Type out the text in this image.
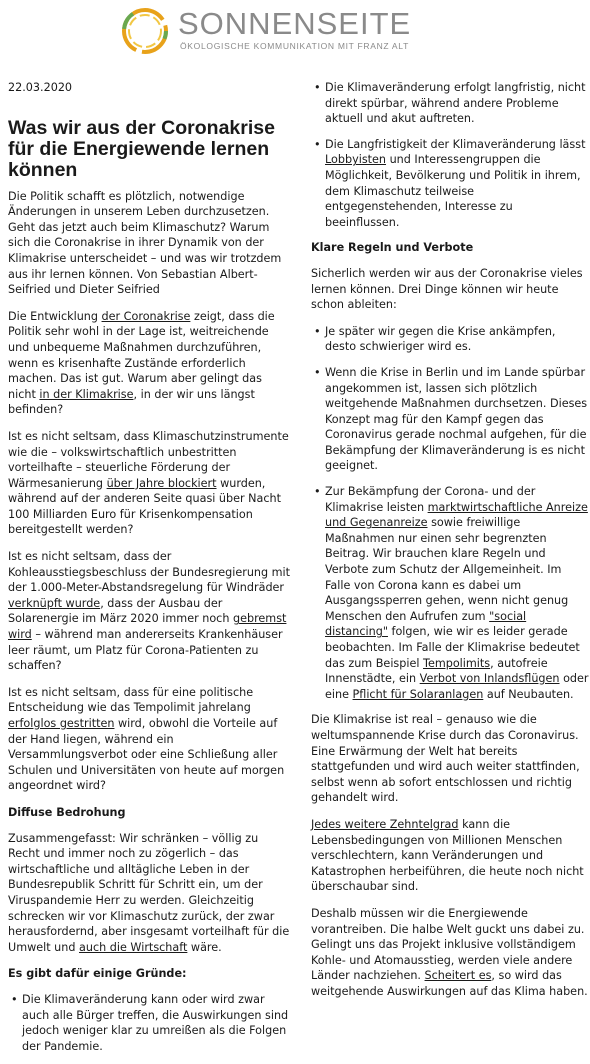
SONNENSEITE
ÖKOLOGISCHE KOMMUNIKATION MIT FRANZ ALT

22.03.2020

Was wir aus der Coronakrise für die Energiewende lernen können

Die Politik schafft es plötzlich, notwendige Änderungen in unserem Leben durchzusetzen. Geht das jetzt auch beim Klimaschutz? Warum sich die Coronakrise in ihrer Dynamik von der Klimakrise unterscheidet – und was wir trotzdem aus ihr lernen können. Von Sebastian Albert-Seifried und Dieter Seifried

Die Entwicklung der Coronakrise zeigt, dass die Politik sehr wohl in der Lage ist, weitreichende und unbequeme Maßnahmen durchzuführen, wenn es krisenhafte Zustände erforderlich machen. Das ist gut. Warum aber gelingt das nicht in der Klimakrise, in der wir uns längst befinden?

Ist es nicht seltsam, dass Klimaschutzinstrumente wie die – volkswirtschaftlich unbestritten vorteilhafte – steuerliche Förderung der Wärmesanierung über Jahre blockiert wurden, während auf der anderen Seite quasi über Nacht 100 Milliarden Euro für Krisenkompensation bereitgestellt werden?

Ist es nicht seltsam, dass der Kohleausstiegsbeschluss der Bundesregierung mit der 1.000-Meter-Abstandsregelung für Windräder verknüpft wurde, dass der Ausbau der Solarenergie im März 2020 immer noch gebremst wird – während man andererseits Krankenhäuser leer räumt, um Platz für Corona-Patienten zu schaffen?

Ist es nicht seltsam, dass für eine politische Entscheidung wie das Tempolimit jahrelang erfolglos gestritten wird, obwohl die Vorteile auf der Hand liegen, während ein Versammlungsverbot oder eine Schließung aller Schulen und Universitäten von heute auf morgen angeordnet wird?

Diffuse Bedrohung

Zusammengefasst: Wir schränken – völlig zu Recht und immer noch zu zögerlich – das wirtschaftliche und alltägliche Leben in der Bundesrepublik Schritt für Schritt ein, um der Viruspandemie Herr zu werden. Gleichzeitig schrecken wir vor Klimaschutz zurück, der zwar herausfordernd, aber insgesamt vorteilhaft für die Umwelt und auch die Wirtschaft wäre.

Es gibt dafür einige Gründe:
• Die Klimaveränderung kann oder wird zwar auch alle Bürger treffen, die Auswirkungen sind jedoch weniger klar zu umreißen als die Folgen der Pandemie.
• Die Klimaveränderung erfolgt langfristig, nicht direkt spürbar, während andere Probleme aktuell und akut auftreten.
• Die Langfristigkeit der Klimaveränderung lässt Lobbyisten und Interessengruppen die Möglichkeit, Bevölkerung und Politik in ihrem, dem Klimaschutz teilweise entgegenstehenden, Interesse zu beeinflussen.
Klare Regeln und Verbote

Sicherlich werden wir aus der Coronakrise vieles lernen können. Drei Dinge können wir heute schon ableiten:

• Je später wir gegen die Krise ankämpfen, desto schwieriger wird es.
• Wenn die Krise in Berlin und im Lande spürbar angekommen ist, lassen sich plötzlich weitgehende Maßnahmen durchsetzen. Dieses Konzept mag für den Kampf gegen das Coronavirus gerade nochmal aufgehen, für die Bekämpfung der Klimaveränderung is es nicht geeignet.
• Zur Bekämpfung der Corona- und der Klimakrise leisten marktwirtschaftliche Anreize und Gegenanreize sowie freiwillige Maßnahmen nur einen sehr begrenzten Beitrag. Wir brauchen klare Regeln und Verbote zum Schutz der Allgemeinheit. Im Falle von Corona kann es dabei um Ausgangssperren gehen, wenn nicht genug Menschen den Aufrufen zum "social distancing" folgen, wie wir es leider gerade beobachten. Im Falle der Klimakrise bedeutet das zum Beispiel Tempolimits, autofreie Innenstädte, ein Verbot von Inlandsflügen oder eine Pflicht für Solaranlagen auf Neubauten.

Die Klimakrise ist real – genauso wie die weltumspannende Krise durch das Coronavirus. Eine Erwärmung der Welt hat bereits stattgefunden und wird auch weiter stattfinden, selbst wenn ab sofort entschlossen und richtig gehandelt wird.

Jedes weitere Zehntelgrad kann die Lebensbedingungen von Millionen Menschen verschlechtern, kann Veränderungen und Katastrophen herbeiführen, die heute noch nicht überschaubar sind.

Deshalb müssen wir die Energiewende vorantreiben. Die halbe Welt guckt uns dabei zu. Gelingt uns das Projekt inklusive vollständigem Kohle- und Atomausstieg, werden viele andere Länder nachziehen. Scheitert es, so wird das weitgehende Auswirkungen auf das Klima haben.
